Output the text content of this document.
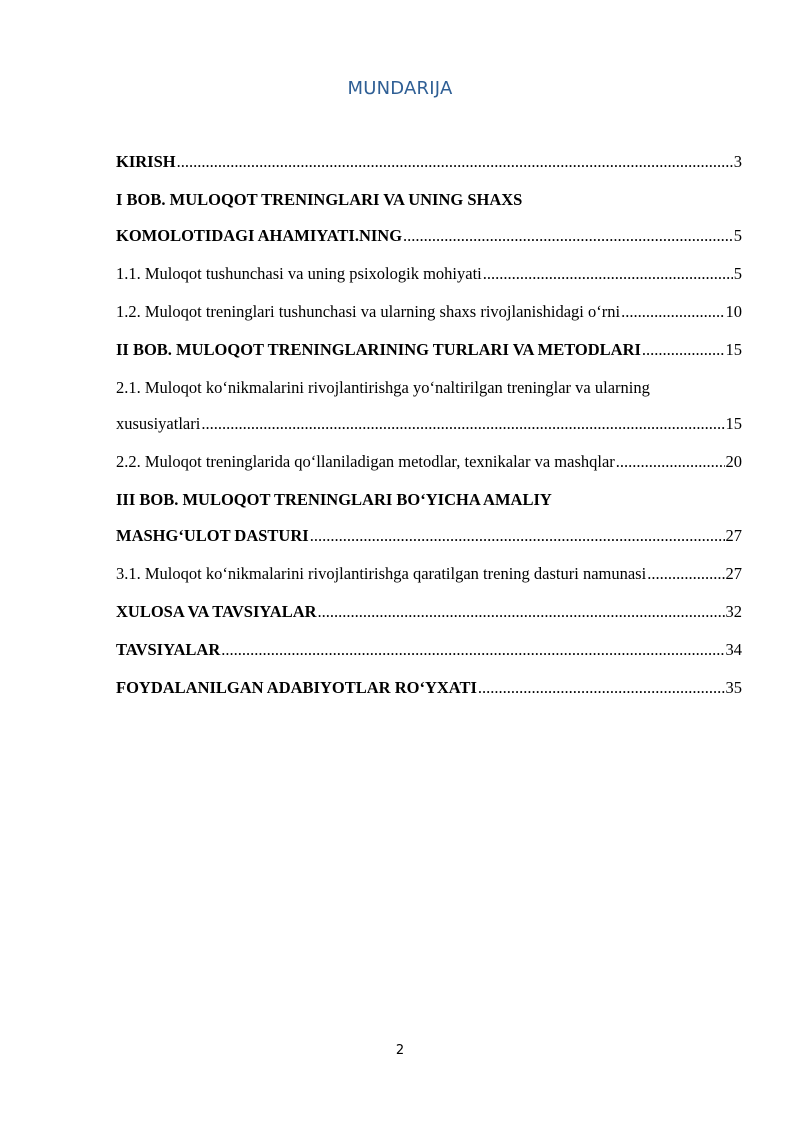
MUNDARIJA
KIRISH .....	3
I BOB. MULOQOT TRENINGLARI VA UNING SHAXS
KOMOLOTIDAGI AHAMIYATI.NING .....	5
1.1. Muloqot tushunchasi va uning psixologik mohiyati .....	5
1.2. Muloqot treninglari tushunchasi va ularning shaxs rivojlanishidagi o‘rni .....	10
II BOB. MULOQOT TRENINGLARINING TURLARI VA METODLARI .....	15
2.1. Muloqot ko‘nikmalarini rivojlantirishga yo‘naltirilgan treninglar va ularning
xususiyatlari .....	15
2.2. Muloqot treninglarida qo‘llaniladigan metodlar, texnikalar va mashqlar .....	20
III BOB. MULOQOT TRENINGLARI BO‘YICHA AMALIY
MASHG‘ULOT DASTURI .....	27
3.1. Muloqot ko‘nikmalarini rivojlantirishga qaratilgan trening dasturi namunasi .....	27
XULOSA VA TAVSIYALAR .....	32
TAVSIYALAR .....	34
FOYDALANILGAN ADABIYOTLAR RO‘YXATI .....	35
2
